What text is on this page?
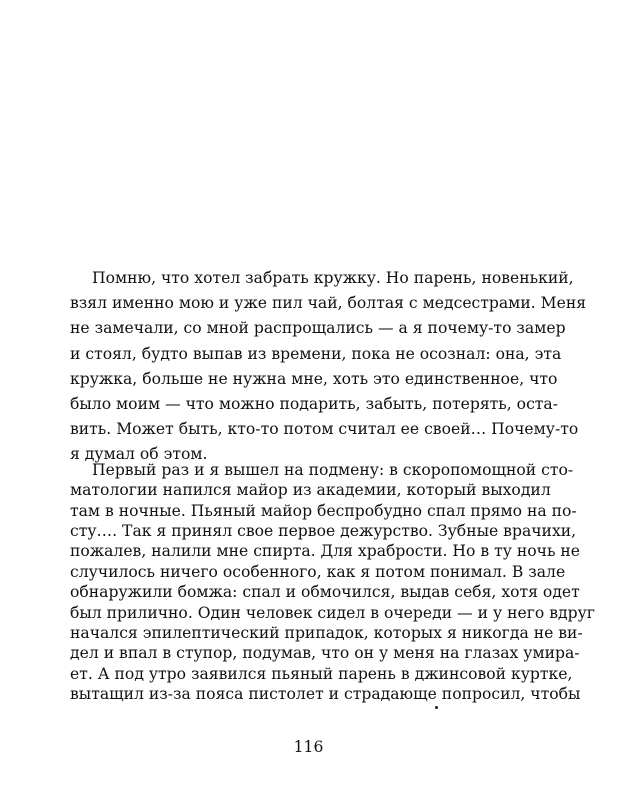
Помню, что хотел забрать кружку. Но парень, новенький,
взял именно мою и уже пил чай, болтая с медсестрами. Меня
не замечали, со мной распрощались — а я почему-то замер
и стоял, будто выпав из времени, пока не осознал: она, эта
кружка, больше не нужна мне, хоть это единственное, что
было моим — что можно подарить, забыть, потерять, оста-
вить. Может быть, кто-то потом считал ее своей… Почему-то
я думал об этом.
Первый раз и я вышел на подмену: в скоропомощной сто-
матологии напился майор из академии, который выходил
там в ночные. Пьяный майор беспробудно спал прямо на по-
сту…. Так я принял свое первое дежурство. Зубные врачихи,
пожалев, налили мне спирта. Для храбрости. Но в ту ночь не
случилось ничего особенного, как я потом понимал. В зале
обнаружили бомжа: спал и обмочился, выдав себя, хотя одет
был прилично. Один человек сидел в очереди — и у него вдруг
начался эпилептический припадок, которых я никогда не ви-
дел и впал в ступор, подумав, что он у меня на глазах умира-
ет. А под утро заявился пьяный парень в джинсовой куртке,
вытащил из-за пояса пистолет и страдающе попросил, чтобы
116
